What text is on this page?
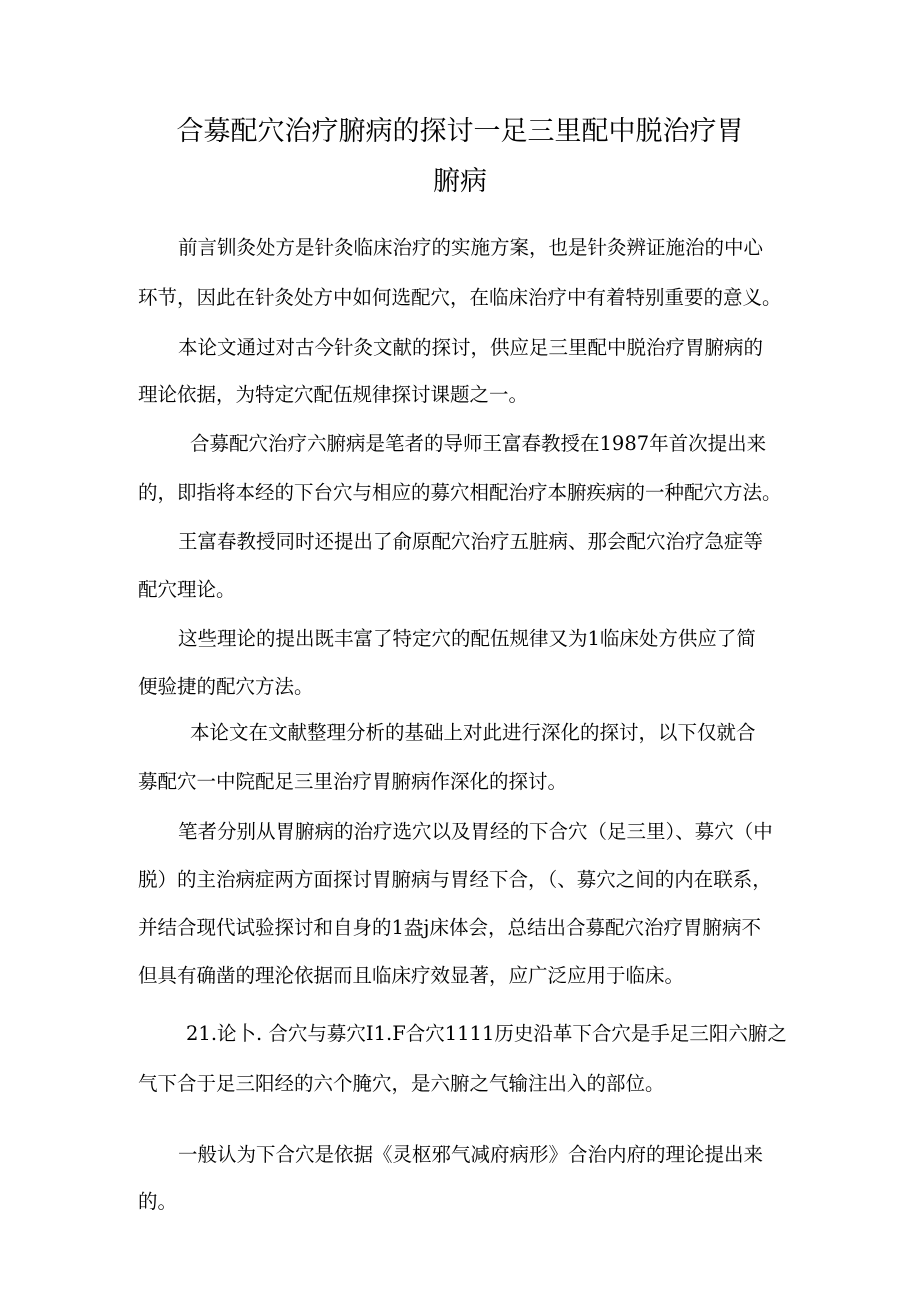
合募配穴治疗腑病的探讨一足三里配中脱治疗胃
腑病

前言钏灸处方是针灸临床治疗的实施方案，也是针灸辨证施治的中心

环节，因此在针灸处方中如何选配穴，在临床治疗中有着特别重要的意义。

本论文通过对古今针灸文献的探讨，供应足三里配中脱治疗胃腑病的

理论依据，为特定穴配伍规律探讨课题之一。

合募配穴治疗六腑病是笔者的导师王富春教授在1987年首次提出来

的，即指将本经的下台穴与相应的募穴相配治疗本腑疾病的一种配穴方法。

王富春教授同时还提出了俞原配穴治疗五脏病、那会配穴治疗急症等

配穴理论。

这些理论的提出既丰富了特定穴的配伍规律又为1临床处方供应了简

便验捷的配穴方法。

本论文在文献整理分析的基础上对此进行深化的探讨，以下仅就合

募配穴一中院配足三里治疗胃腑病作深化的探讨。

笔者分别从胃腑病的治疗选穴以及胃经的下合穴（足三里）、募穴（中

脱）的主治病症两方面探讨胃腑病与胃经下合，（、募穴之间的内在联系，

并结合现代试验探讨和自身的1盎j床体会，总结出合募配穴治疗胃腑病不

但具有确凿的理沦依据而且临床疗效显著，应广泛应用于临床。

21.论卜. 合穴与募穴I1.F合穴1111历史沿革下合穴是手足三阳六腑之

气下合于足三阳经的六个腌穴，是六腑之气输注出入的部位。

一般认为下合穴是依据《灵枢邪气减府病形》合治内府的理论提出来

的。
